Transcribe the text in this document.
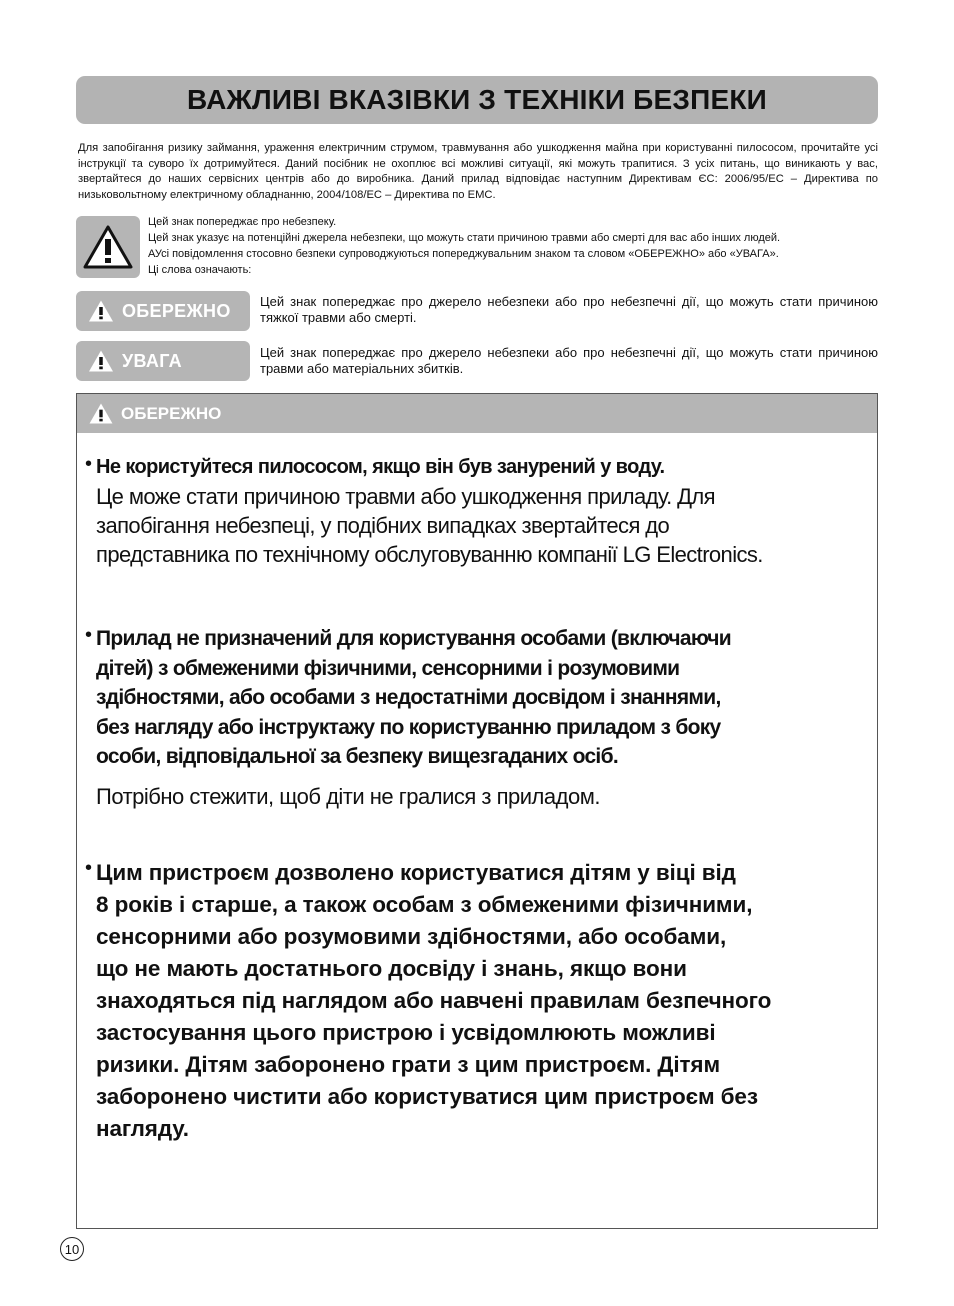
ВАЖЛИВІ ВКАЗІВКИ З ТЕХНІКИ БЕЗПЕКИ

Для запобігання ризику займання, ураження електричним струмом, травмування або ушкодження майна при користуванні пилососом, прочитайте усі інструкції та суворо їх дотримуйтеся. Даний посібник не охоплює всі можливі ситуації, які можуть трапитися. З усіх питань, що виникають у вас, звертайтеся до наших сервісних центрів або до виробника. Даний прилад відповідає наступним Директивам ЄС: 2006/95/ЕС – Директива по низьковольтному електричному обладнанню, 2004/108/ЕС – Директива по EMC.

Цей знак попереджає про небезпеку.
Цей знак указує на потенційні джерела небезпеки, що можуть стати причиною травми або смерті для вас або інших людей.
АУсі повідомлення стосовно безпеки супроводжуються попереджувальним знаком та словом «ОБЕРЕЖНО» або «УВАГА».
Ці слова означають:
ОБЕРЕЖНО Цей знак попереджає про джерело небезпеки або про небезпечні дії, що можуть стати причиною тяжкої травми або смерті.

УВАГА	Цей знак попереджає про джерело небезпеки або про небезпечні дії, що можуть стати причиною травми або матеріальних збитків.

ОБЕРЕЖНО
• Не користуйтеся пилососом, якщо він був занурений у воду.
Це може стати причиною травми або ушкодження приладу. Для
запобігання небезпеці, у подібних випадках звертайтеся до
представника по технічному обслуговуванню компанії LG Electronics.
• Прилад не призначений для користування особами (включаючи
дітей) з обмеженими фізичними, сенсорними і розумовими
здібностями, або особами з недостатніми досвідом і знаннями,
без нагляду або інструктажу по користуванню приладом з боку
особи, відповідальної за безпеку вищезгаданих осіб.
Потрібно стежити, щоб діти не гралися з приладом.
• Цим пристроєм дозволено користуватися дітям у віці від
8 років і старше, а також особам з обмеженими фізичними,
сенсорними або розумовими здібностями, або особами,
що не мають достатнього досвіду і знань, якщо вони
знаходяться під наглядом або навчені правилам безпечного
застосування цього пристрою і усвідомлюють можливі
ризики. Дітям заборонено грати з цим пристроєм. Дітям
заборонено чистити або користуватися цим пристроєм без
нагляду.
10
